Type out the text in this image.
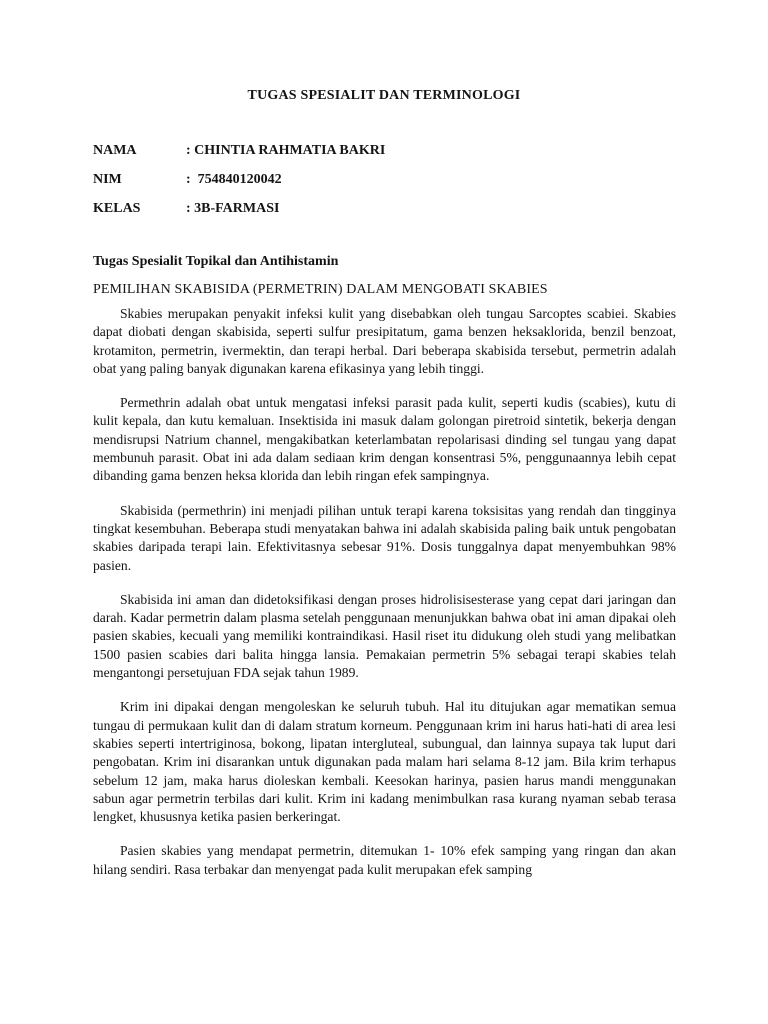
TUGAS SPESIALIT DAN TERMINOLOGI
NAMA	: CHINTIA RAHMATIA BAKRI
NIM	:  754840120042
KELAS	: 3B-FARMASI
Tugas Spesialit Topikal dan Antihistamin
PEMILIHAN SKABISIDA (PERMETRIN) DALAM MENGOBATI SKABIES

Skabies merupakan penyakit infeksi kulit yang disebabkan oleh tungau Sarcoptes scabiei. Skabies dapat diobati dengan skabisida, seperti sulfur presipitatum, gama benzen heksaklorida, benzil benzoat, krotamiton, permetrin, ivermektin, dan terapi herbal. Dari beberapa skabisida tersebut, permetrin adalah obat yang paling banyak digunakan karena efikasinya yang lebih tinggi.

Permethrin adalah obat untuk mengatasi infeksi parasit pada kulit, seperti kudis (scabies), kutu di kulit kepala, dan kutu kemaluan. Insektisida ini masuk dalam golongan piretroid sintetik, bekerja dengan mendisrupsi Natrium channel, mengakibatkan keterlambatan repolarisasi dinding sel tungau yang dapat membunuh parasit. Obat ini ada dalam sediaan krim dengan konsentrasi 5%, penggunaannya lebih cepat dibanding gama benzen heksa klorida dan lebih ringan efek sampingnya.

Skabisida (permethrin) ini menjadi pilihan untuk terapi karena toksisitas yang rendah dan tingginya tingkat kesembuhan. Beberapa studi menyatakan bahwa ini adalah skabisida paling baik untuk pengobatan skabies daripada terapi lain. Efektivitasnya sebesar 91%. Dosis tunggalnya dapat menyembuhkan 98% pasien.

Skabisida ini aman dan didetoksifikasi dengan proses hidrolisisesterase yang cepat dari jaringan dan darah. Kadar permetrin dalam plasma setelah penggunaan menunjukkan bahwa obat ini aman dipakai oleh pasien skabies, kecuali yang memiliki kontraindikasi. Hasil riset itu didukung oleh studi yang melibatkan 1500 pasien scabies dari balita hingga lansia. Pemakaian permetrin 5% sebagai terapi skabies telah mengantongi persetujuan FDA sejak tahun 1989.

Krim ini dipakai dengan mengoleskan ke seluruh tubuh. Hal itu ditujukan agar mematikan semua tungau di permukaan kulit dan di dalam stratum korneum. Penggunaan krim ini harus hati-hati di area lesi skabies seperti intertriginosa, bokong, lipatan intergluteal, subungual, dan lainnya supaya tak luput dari pengobatan. Krim ini disarankan untuk digunakan pada malam hari selama 8-12 jam. Bila krim terhapus sebelum 12 jam, maka harus dioleskan kembali. Keesokan harinya, pasien harus mandi menggunakan sabun agar permetrin terbilas dari kulit. Krim ini kadang menimbulkan rasa kurang nyaman sebab terasa lengket, khususnya ketika pasien berkeringat.

Pasien skabies yang mendapat permetrin, ditemukan 1- 10% efek samping yang ringan dan akan hilang sendiri. Rasa terbakar dan menyengat pada kulit merupakan efek samping
